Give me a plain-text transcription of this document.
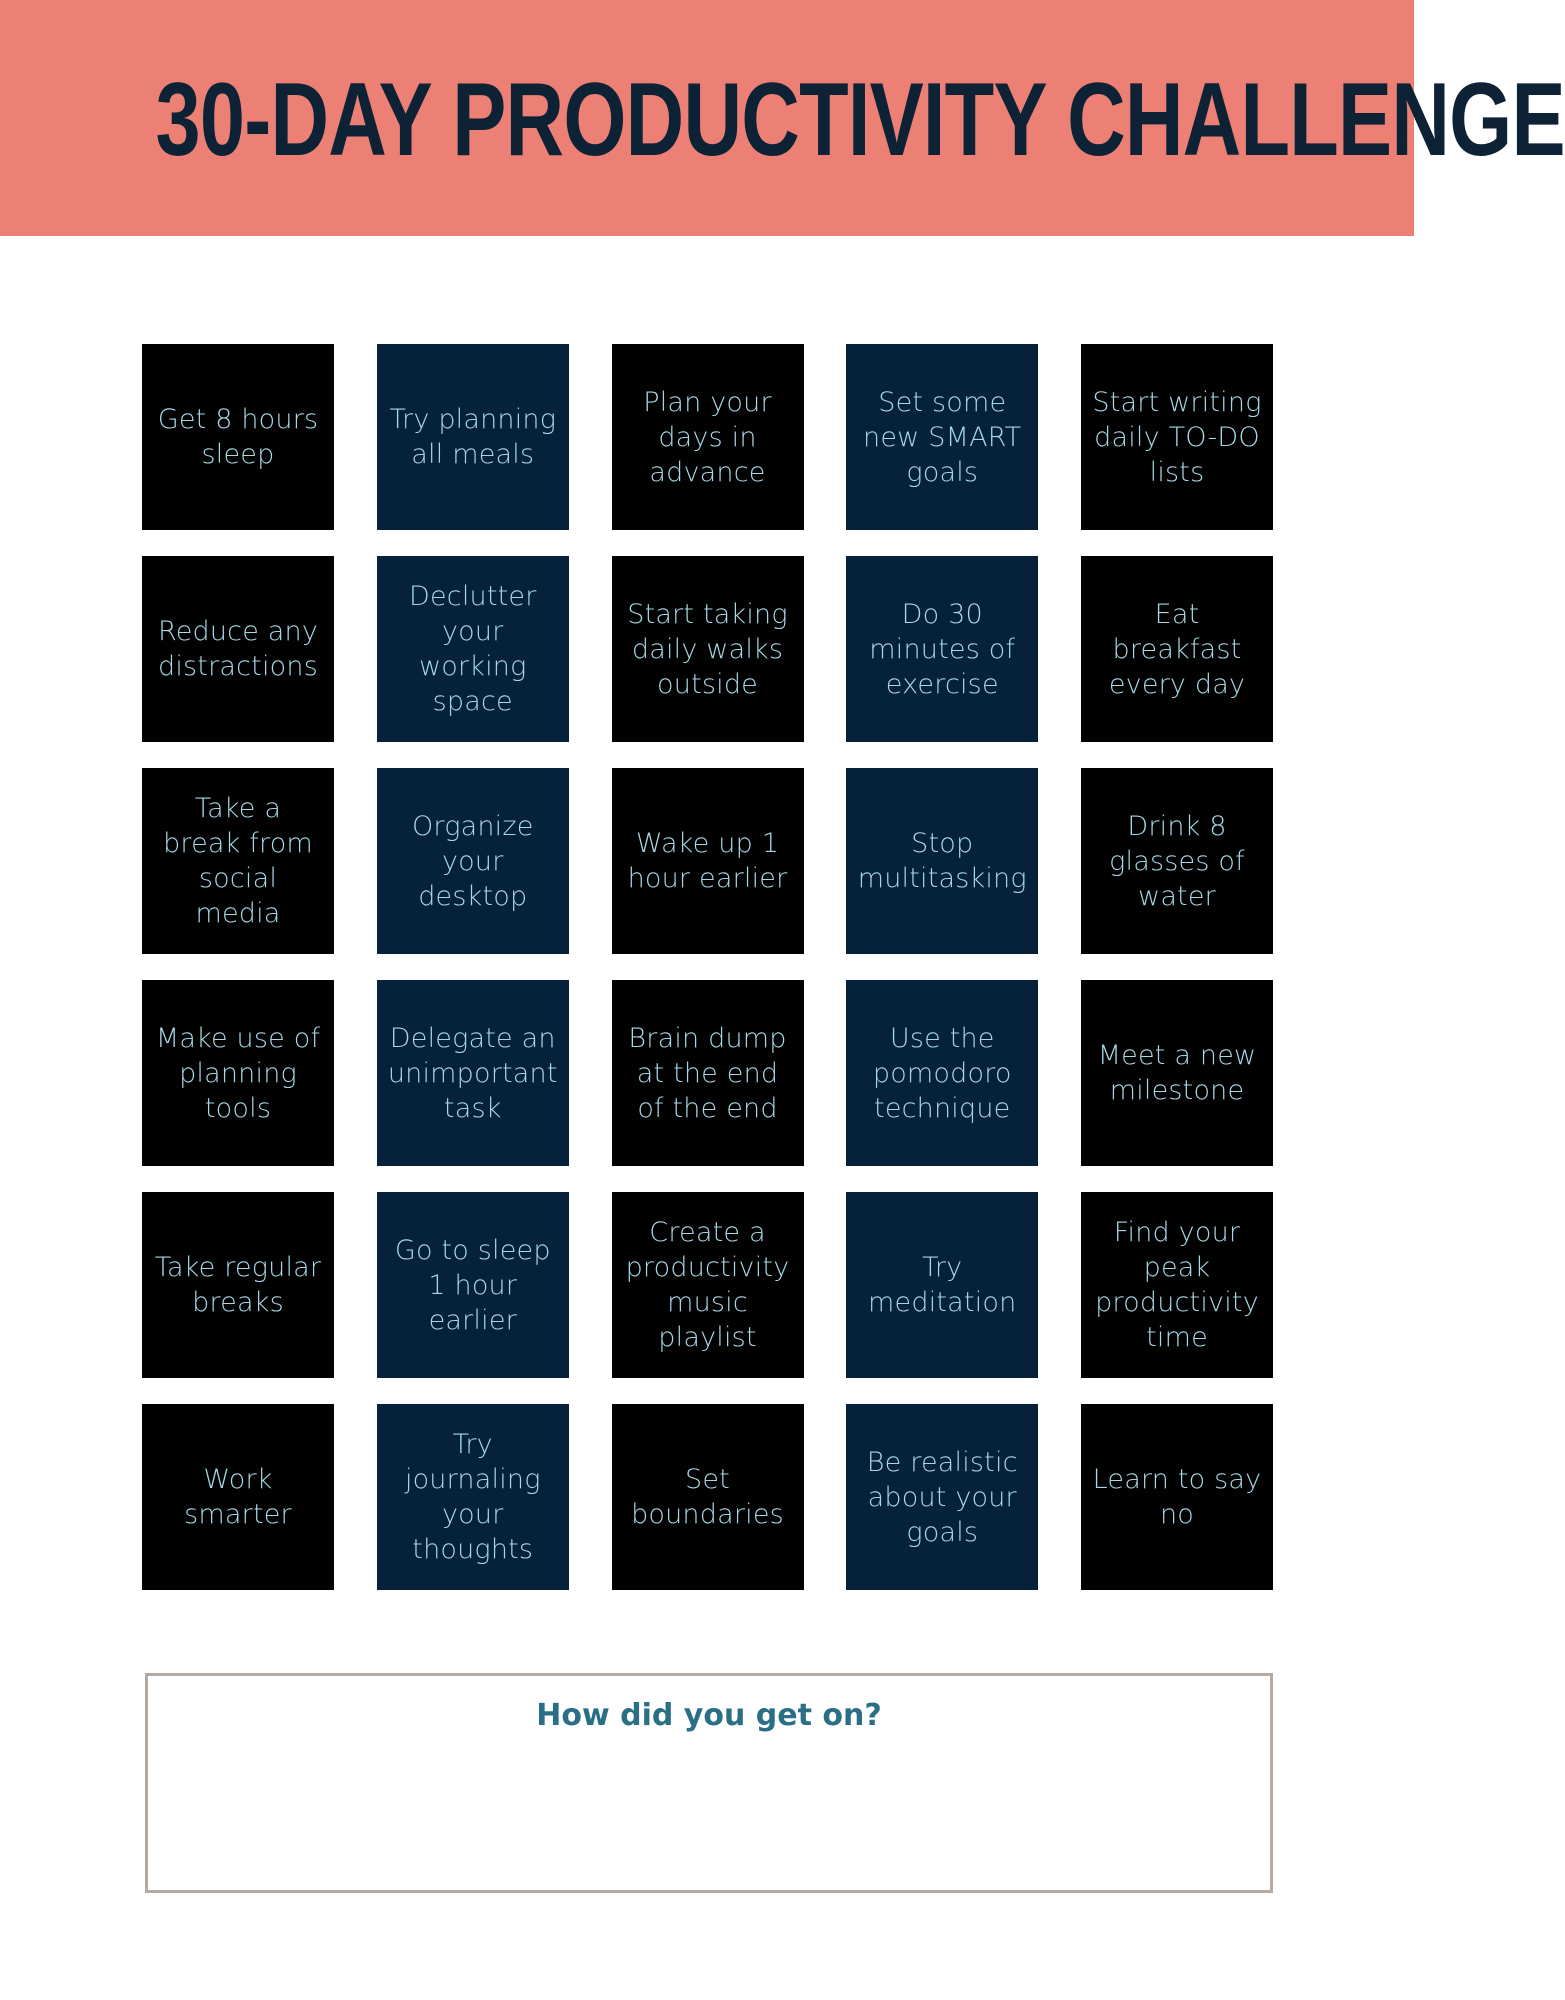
30-DAY PRODUCTIVITY CHALLENGE
Get 8 hours sleep
Try planning all meals
Plan your days in advance
Set some new SMART goals
Start writing daily TO-DO lists
Reduce any distractions
Declutter your working space
Start taking daily walks outside
Do 30 minutes of exercise
Eat breakfast every day
Take a break from social media
Organize your desktop
Wake up 1 hour earlier
Stop multitasking
Drink 8 glasses of water
Make use of planning tools
Delegate an unimportant task
Brain dump at the end of the end
Use the pomodoro technique
Meet a new milestone
Take regular breaks
Go to sleep 1 hour earlier
Create a productivity music playlist
Try meditation
Find your peak productivity time
Work smarter
Try journaling your thoughts
Set boundaries
Be realistic about your goals
Learn to say no
How did you get on?
